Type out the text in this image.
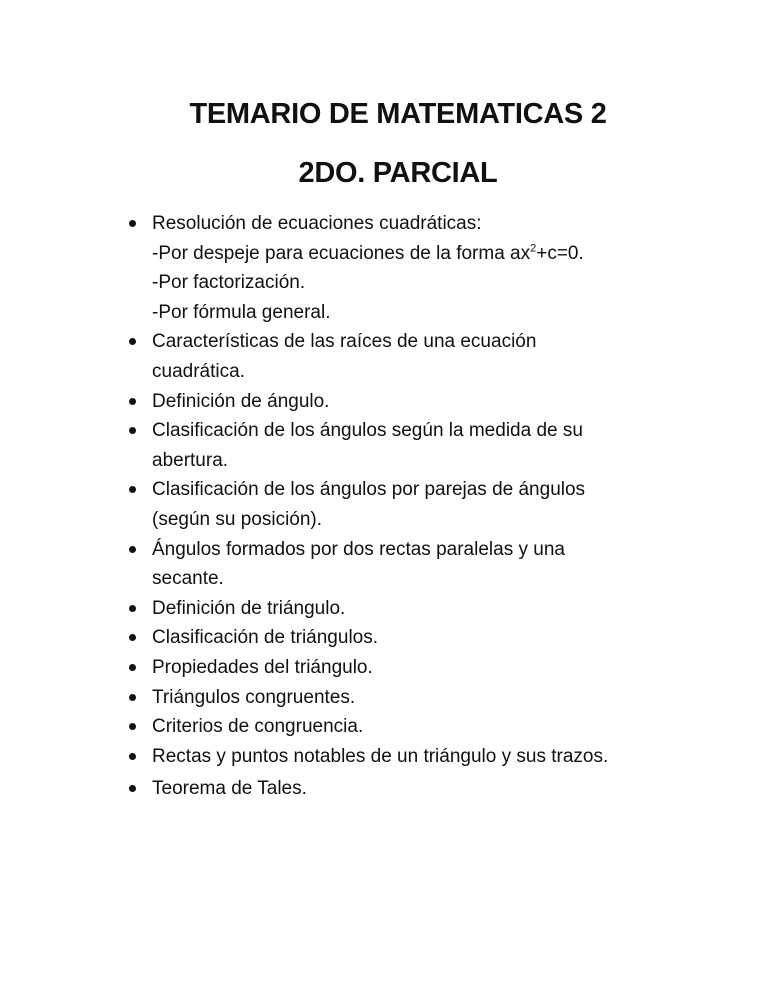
TEMARIO DE MATEMATICAS 2
2DO. PARCIAL
Resolución de ecuaciones cuadráticas:
-Por despeje para ecuaciones de la forma $ax^2+c=0$.
-Por factorización.
-Por fórmula general.
Características de las raíces de una ecuación
cuadrática.
Definición de ángulo.
Clasificación de los ángulos según la medida de su
abertura.
Clasificación de los ángulos por parejas de ángulos
(según su posición).
Ángulos formados por dos rectas paralelas y una
secante.
Definición de triángulo.
Clasificación de triángulos.
Propiedades del triángulo.
Triángulos congruentes.
Criterios de congruencia.
Rectas y puntos notables de un triángulo y sus trazos.
Teorema de Tales.
